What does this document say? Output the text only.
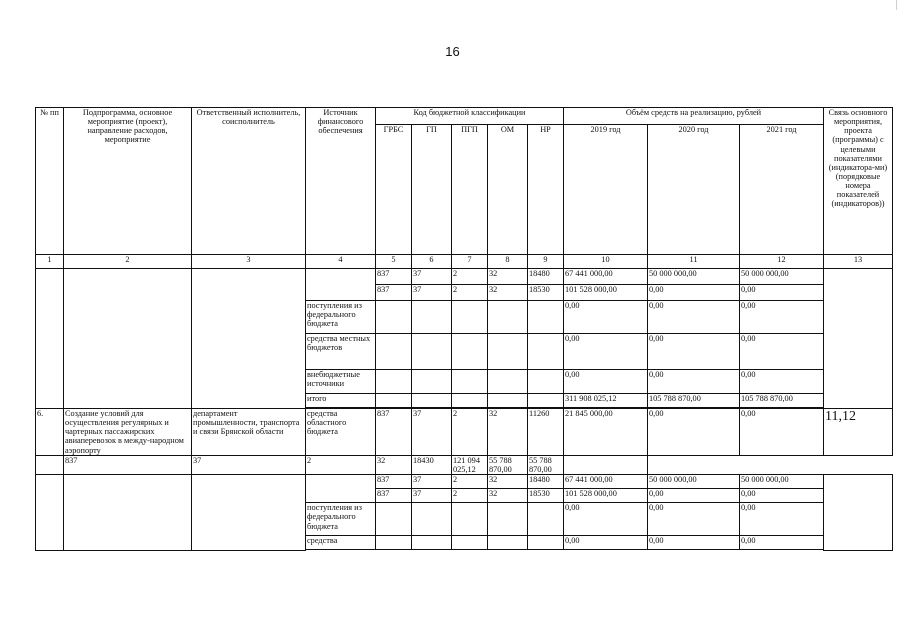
16
№ пп	Подпрограмма, основное мероприятие (проект), направление расходов, мероприятие	Ответственный исполнитель, соисполнитель	Источник финансового обеспечения	Код бюджетной классификации					Объём средств на реализацию, рублей			Связь основного мероприятия, проекта (программы) с целевыми показателями (индикатора-ми) (порядковые номера показателей (индикаторов))
				ГРБС	ГП	ПГП	ОМ	НР	2019 год	2020 год	2021 год	
1	2	3	4	5	6	7	8	9	10	11	12	13
				837	37	2	32	18480	67 441 000,00	50 000 000,00	50 000 000,00	
				837	37	2	32	18530	101 528 000,00	0,00	0,00	
			поступления из федерального бюджета						0,00	0,00	0,00	
			средства местных бюджетов						0,00	0,00	0,00	
			внебюджетные источники						0,00	0,00	0,00	
			итого						311 908 025,12	105 788 870,00	105 788 870,00	

6.	Создание условий для осуществления регулярных и чартерных пассажирских авиаперевозок в между-народном аэропорту	департамент промышленности, транспорта и связи Брянской области	средства областного бюджета	837	37	2	32	11260	21 845 000,00	0,00	0,00	11,12
	837	37	2	32	18430	121 094 025,12	55 788 870,00	55 788 870,00				
				837	37	2	32	18480	67 441 000,00	50 000 000,00	50 000 000,00	
				837	37	2	32	18530	101 528 000,00	0,00	0,00	
			поступления из федерального бюджета						0,00	0,00	0,00	
			средства						0,00	0,00	0,00	
